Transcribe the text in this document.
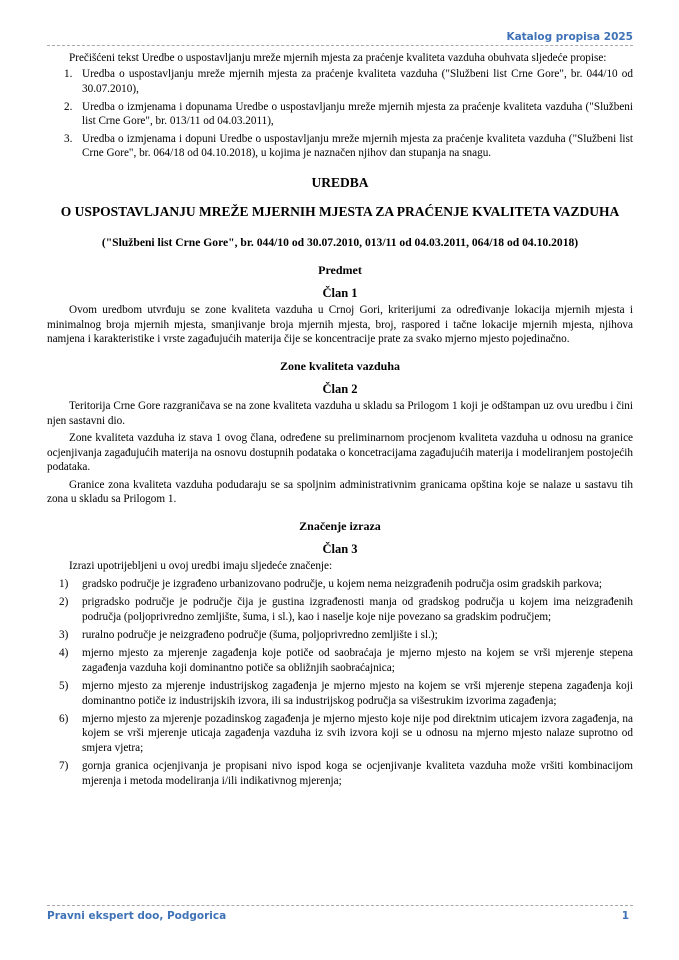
Katalog propisa 2025

Prečišćeni tekst Uredbe o uspostavljanju mreže mjernih mjesta za praćenje kvaliteta vazduha obuhvata sljedeće propise:

1. Uredba o uspostavljanju mreže mjernih mjesta za praćenje kvaliteta vazduha ("Službeni list Crne Gore", br. 044/10 od 30.07.2010),
2. Uredba o izmjenama i dopunama Uredbe o uspostavljanju mreže mjernih mjesta za praćenje kvaliteta vazduha ("Službeni list Crne Gore", br. 013/11 od 04.03.2011),
3. Uredba o izmjenama i dopuni Uredbe o uspostavljanju mreže mjernih mjesta za praćenje kvaliteta vazduha ("Službeni list Crne Gore", br. 064/18 od 04.10.2018), u kojima je naznačen njihov dan stupanja na snagu.
UREDBA
O USPOSTAVLJANJU MREŽE MJERNIH MJESTA ZA PRAĆENJE KVALITETA VAZDUHA
("Službeni list Crne Gore", br. 044/10 od 30.07.2010, 013/11 od 04.03.2011, 064/18 od 04.10.2018)
Predmet
Član 1

Ovom uredbom utvrđuju se zone kvaliteta vazduha u Crnoj Gori, kriterijumi za određivanje lokacija mjernih mjesta i minimalnog broja mjernih mjesta, smanjivanje broja mjernih mjesta, broj, raspored i tačne lokacije mjernih mjesta, njihova namjena i karakteristike i vrste zagađujućih materija čije se koncentracije prate za svako mjerno mjesto pojedinačno.

Zone kvaliteta vazduha
Član 2

Teritorija Crne Gore razgraničava se na zone kvaliteta vazduha u skladu sa Prilogom 1 koji je odštampan uz ovu uredbu i čini njen sastavni dio.

Zone kvaliteta vazduha iz stava 1 ovog člana, određene su preliminarnom procjenom kvaliteta vazduha u odnosu na granice ocjenjivanja zagađujućih materija na osnovu dostupnih podataka o koncetracijama zagađujućih materija i modeliranjem postojećih podataka.

Granice zona kvaliteta vazduha podudaraju se sa spoljnim administrativnim granicama opština koje se nalaze u sastavu tih zona u skladu sa Prilogom 1.

Značenje izraza
Član 3

Izrazi upotrijebljeni u ovoj uredbi imaju sljedeće značenje:

1) gradsko područje je izgrađeno urbanizovano područje, u kojem nema neizgrađenih područja osim gradskih parkova;
2) prigradsko područje je područje čija je gustina izgrađenosti manja od gradskog područja u kojem ima neizgrađenih područja (poljoprivredno zemljište, šuma, i sl.), kao i naselje koje nije povezano sa gradskim područjem;
3) ruralno područje je neizgrađeno područje (šuma, poljoprivredno zemljište i sl.);
4) mjerno mjesto za mjerenje zagađenja koje potiče od saobraćaja je mjerno mjesto na kojem se vrši mjerenje stepena zagađenja vazduha koji dominantno potiče sa obližnjih saobraćajnica;
5) mjerno mjesto za mjerenje industrijskog zagađenja je mjerno mjesto na kojem se vrši mjerenje stepena zagađenja koji dominantno potiče iz industrijskih izvora, ili sa industrijskog područja sa višestrukim izvorima zagađenja;
6) mjerno mjesto za mjerenje pozadinskog zagađenja je mjerno mjesto koje nije pod direktnim uticajem izvora zagađenja, na kojem se vrši mjerenje uticaja zagađenja vazduha iz svih izvora koji se u odnosu na mjerno mjesto nalaze suprotno od smjera vjetra;
7) gornja granica ocjenjivanja je propisani nivo ispod koga se ocjenjivanje kvaliteta vazduha može vršiti kombinacijom mjerenja i metoda modeliranja i/ili indikativnog mjerenja;
Pravni ekspert doo, Podgorica	1
